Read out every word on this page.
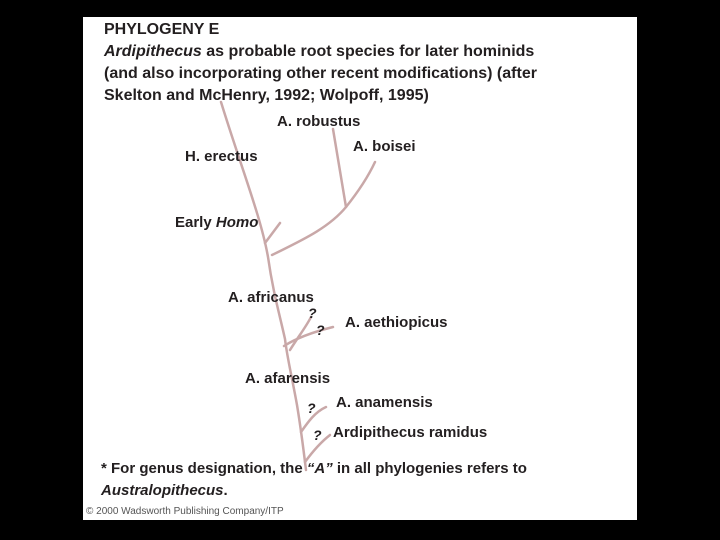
PHYLOGENY E
Ardipithecus as probable root species for later hominids
(and also incorporating other recent modifications) (after
Skelton and McHenry, 1992; Wolpoff, 1995)
A. robustus
A. boisei
H. erectus
Early Homo
A. africanus
?
? A. aethiopicus
A. afarensis
? A. anamensis
? Ardipithecus ramidus
* For genus designation, the “A” in all phylogenies refers to
Australopithecus.
© 2000 Wadsworth Publishing Company/ITP
